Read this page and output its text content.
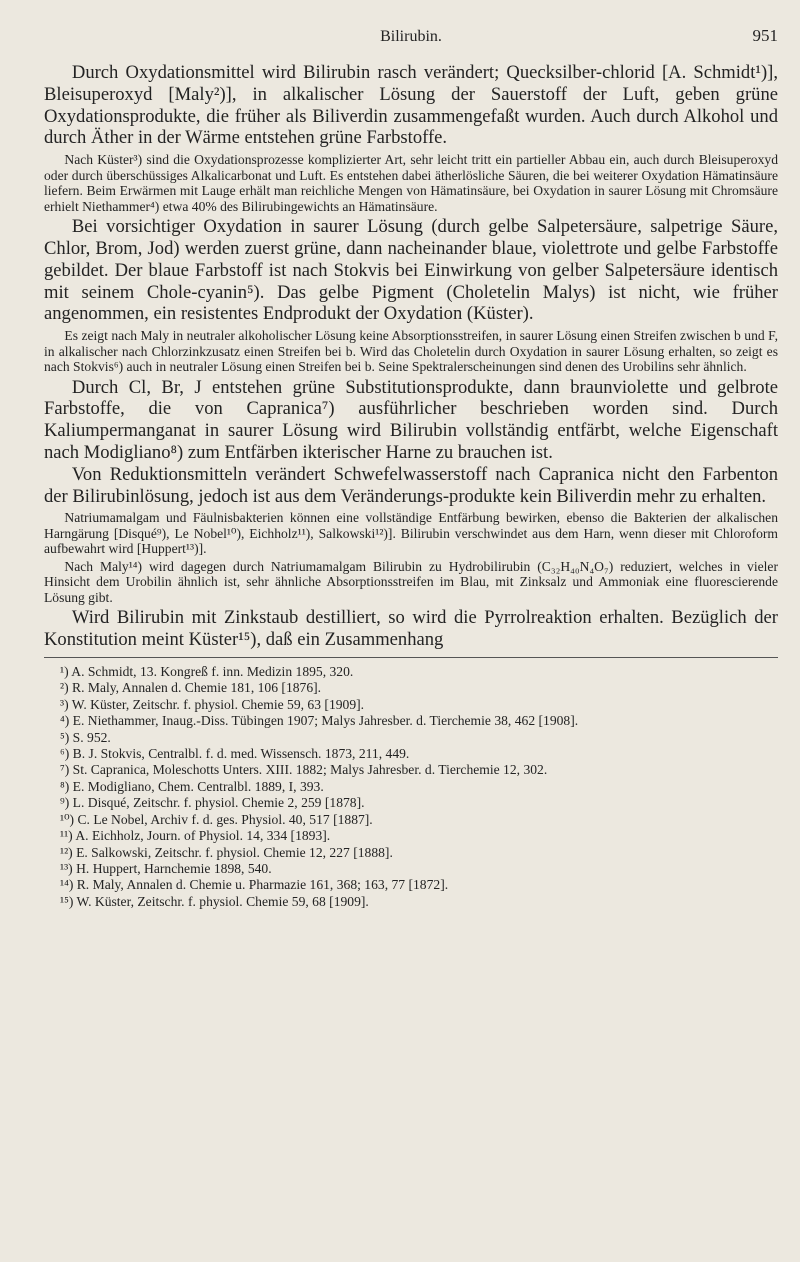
Bilirubin.	951

Durch Oxydationsmittel wird Bilirubin rasch verändert; Quecksilber-chlorid [A. Schmidt¹)], Bleisuperoxyd [Maly²)], in alkalischer Lösung der Sauerstoff der Luft, geben grüne Oxydationsprodukte, die früher als Biliverdin zusammengefaßt wurden. Auch durch Alkohol und durch Äther in der Wärme entstehen grüne Farbstoffe.

Nach Küster³) sind die Oxydationsprozesse komplizierter Art, sehr leicht tritt ein partieller Abbau ein, auch durch Bleisuperoxyd oder durch überschüssiges Alkalicarbonat und Luft. Es entstehen dabei ätherlösliche Säuren, die bei weiterer Oxydation Hämatinsäure liefern. Beim Erwärmen mit Lauge erhält man reichliche Mengen von Hämatinsäure, bei Oxydation in saurer Lösung mit Chromsäure erhielt Niethammer⁴) etwa 40% des Bilirubingewichts an Hämatinsäure.

Bei vorsichtiger Oxydation in saurer Lösung (durch gelbe Salpetersäure, salpetrige Säure, Chlor, Brom, Jod) werden zuerst grüne, dann nacheinander blaue, violettrote und gelbe Farbstoffe gebildet. Der blaue Farbstoff ist nach Stokvis bei Einwirkung von gelber Salpetersäure identisch mit seinem Chole-cyanin⁵). Das gelbe Pigment (Choletelin Malys) ist nicht, wie früher angenommen, ein resistentes Endprodukt der Oxydation (Küster).

Es zeigt nach Maly in neutraler alkoholischer Lösung keine Absorptionsstreifen, in saurer Lösung einen Streifen zwischen b und F, in alkalischer nach Chlorzinkzusatz einen Streifen bei b. Wird das Choletelin durch Oxydation in saurer Lösung erhalten, so zeigt es nach Stokvis⁶) auch in neutraler Lösung einen Streifen bei b. Seine Spektralerscheinungen sind denen des Urobilins sehr ähnlich.

Durch Cl, Br, J entstehen grüne Substitutionsprodukte, dann braunviolette und gelbrote Farbstoffe, die von Capranica⁷) ausführlicher beschrieben worden sind. Durch Kaliumpermanganat in saurer Lösung wird Bilirubin vollständig entfärbt, welche Eigenschaft nach Modigliano⁸) zum Entfärben ikterischer Harne zu brauchen ist.

Von Reduktionsmitteln verändert Schwefelwasserstoff nach Capranica nicht den Farbenton der Bilirubinlösung, jedoch ist aus dem Veränderungs-produkte kein Biliverdin mehr zu erhalten.

Natriumamalgam und Fäulnisbakterien können eine vollständige Entfärbung bewirken, ebenso die Bakterien der alkalischen Harngärung [Disqué⁹), Le Nobel¹⁰), Eichholz¹¹), Salkowski¹²)]. Bilirubin verschwindet aus dem Harn, wenn dieser mit Chloroform aufbewahrt wird [Huppert¹³)].

Nach Maly¹⁴) wird dagegen durch Natriumamalgam Bilirubin zu Hydrobilirubin (C₃₂H₄₀N₄O₇) reduziert, welches in vieler Hinsicht dem Urobilin ähnlich ist, sehr ähnliche Absorptionsstreifen im Blau, mit Zinksalz und Ammoniak eine fluorescierende Lösung gibt.

Wird Bilirubin mit Zinkstaub destilliert, so wird die Pyrrolreaktion erhalten. Bezüglich der Konstitution meint Küster¹⁵), daß ein Zusammenhang

¹) A. Schmidt, 13. Kongreß f. inn. Medizin 1895, 320.
²) R. Maly, Annalen d. Chemie 181, 106 [1876].
³) W. Küster, Zeitschr. f. physiol. Chemie 59, 63 [1909].
⁴) E. Niethammer, Inaug.-Diss. Tübingen 1907; Malys Jahresber. d. Tierchemie 38, 462 [1908].
⁵) S. 952.
⁶) B. J. Stokvis, Centralbl. f. d. med. Wissensch. 1873, 211, 449.
⁷) St. Capranica, Moleschotts Unters. XIII. 1882; Malys Jahresber. d. Tierchemie 12, 302.
⁸) E. Modigliano, Chem. Centralbl. 1889, I, 393.
⁹) L. Disqué, Zeitschr. f. physiol. Chemie 2, 259 [1878].
¹⁰) C. Le Nobel, Archiv f. d. ges. Physiol. 40, 517 [1887].
¹¹) A. Eichholz, Journ. of Physiol. 14, 334 [1893].
¹²) E. Salkowski, Zeitschr. f. physiol. Chemie 12, 227 [1888].
¹³) H. Huppert, Harnchemie 1898, 540.
¹⁴) R. Maly, Annalen d. Chemie u. Pharmazie 161, 368; 163, 77 [1872].
¹⁵) W. Küster, Zeitschr. f. physiol. Chemie 59, 68 [1909].
